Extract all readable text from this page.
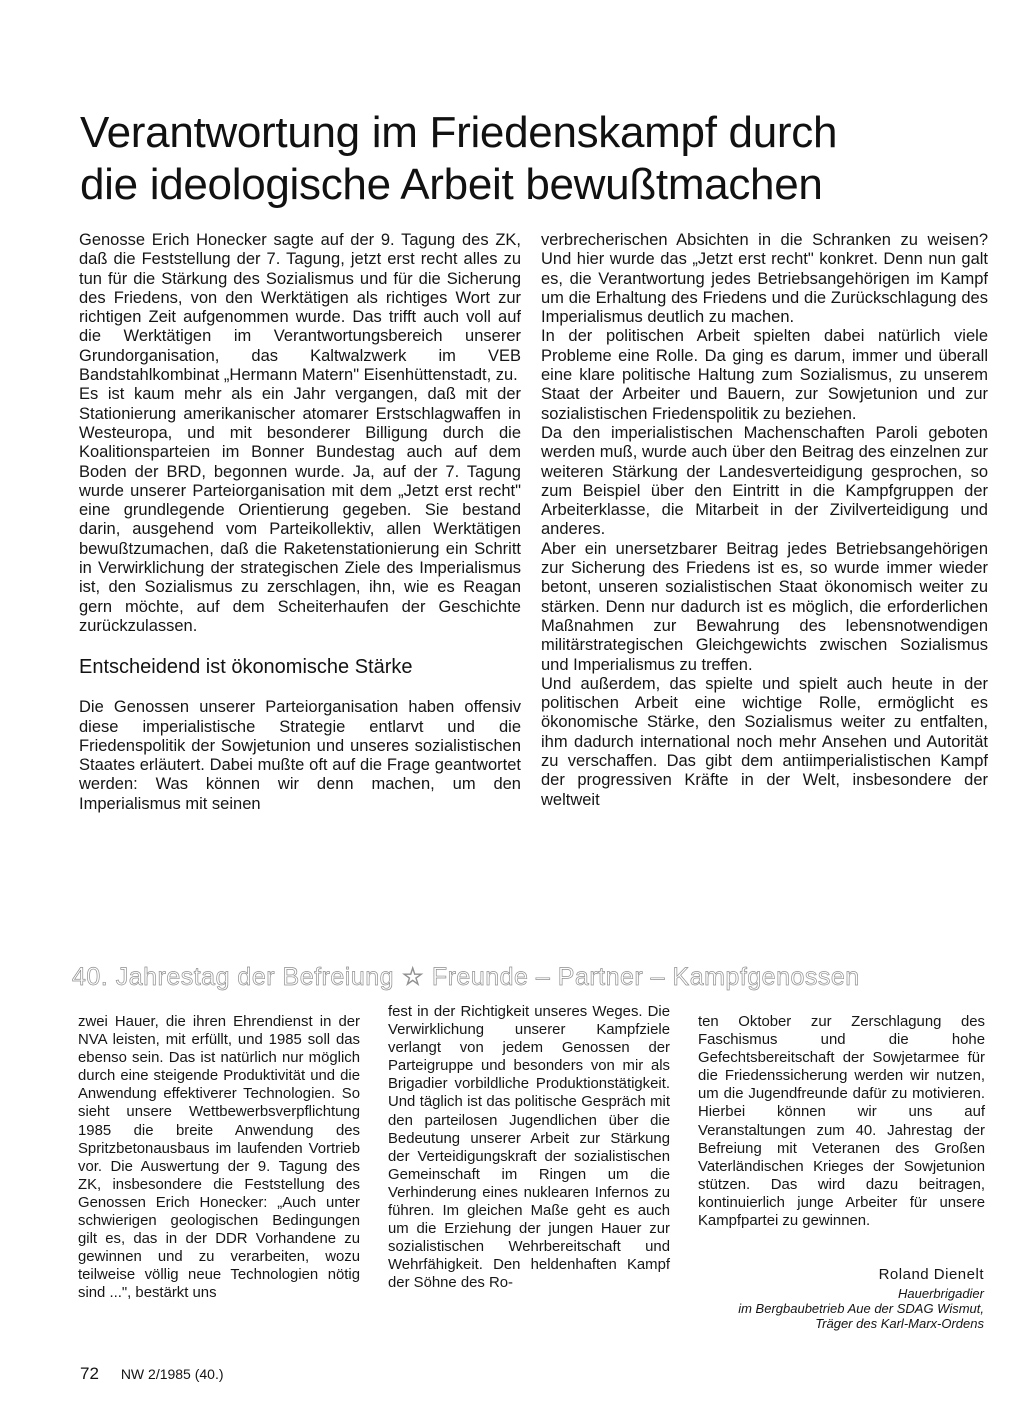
Verantwortung im Friedenskampf durch
die ideologische Arbeit bewußtmachen

Genosse Erich Honecker sagte auf der 9. Tagung des ZK, daß die Feststellung der 7. Tagung, jetzt erst recht alles zu tun für die Stärkung des Sozialismus und für die Sicherung des Friedens, von den Werktätigen als richtiges Wort zur richtigen Zeit aufgenommen wurde. Das trifft auch voll auf die Werktätigen im Verantwortungsbereich unserer Grundorganisation, das Kaltwalzwerk im VEB Bandstahlkombinat „Hermann Matern" Eisenhüttenstadt, zu.

Es ist kaum mehr als ein Jahr vergangen, daß mit der Stationierung amerikanischer atomarer Erstschlagwaffen in Westeuropa, und mit besonderer Billigung durch die Koalitionsparteien im Bonner Bundestag auch auf dem Boden der BRD, begonnen wurde. Ja, auf der 7. Tagung wurde unserer Parteiorganisation mit dem „Jetzt erst recht" eine grundlegende Orientierung gegeben. Sie bestand darin, ausgehend vom Parteikollektiv, allen Werktätigen bewußtzumachen, daß die Raketenstationierung ein Schritt in Verwirklichung der strategischen Ziele des Imperialismus ist, den Sozialismus zu zerschlagen, ihn, wie es Reagan gern möchte, auf dem Scheiterhaufen der Geschichte zurückzulassen.

Entscheidend ist ökonomische Stärke

Die Genossen unserer Parteiorganisation haben offensiv diese imperialistische Strategie entlarvt und die Friedenspolitik der Sowjetunion und unseres sozialistischen Staates erläutert. Dabei mußte oft auf die Frage geantwortet werden: Was können wir denn machen, um den Imperialismus mit seinen

verbrecherischen Absichten in die Schranken zu weisen? Und hier wurde das „Jetzt erst recht" konkret. Denn nun galt es, die Verantwortung jedes Betriebsangehörigen im Kampf um die Erhaltung des Friedens und die Zurückschlagung des Imperialismus deutlich zu machen.

In der politischen Arbeit spielten dabei natürlich viele Probleme eine Rolle. Da ging es darum, immer und überall eine klare politische Haltung zum Sozialismus, zu unserem Staat der Arbeiter und Bauern, zur Sowjetunion und zur sozialistischen Friedenspolitik zu beziehen.

Da den imperialistischen Machenschaften Paroli geboten werden muß, wurde auch über den Beitrag des einzelnen zur weiteren Stärkung der Landesverteidigung gesprochen, so zum Beispiel über den Eintritt in die Kampfgruppen der Arbeiterklasse, die Mitarbeit in der Zivilverteidigung und anderes.

Aber ein unersetzbarer Beitrag jedes Betriebsangehörigen zur Sicherung des Friedens ist es, so wurde immer wieder betont, unseren sozialistischen Staat ökonomisch weiter zu stärken. Denn nur dadurch ist es möglich, die erforderlichen Maßnahmen zur Bewahrung des lebensnotwendigen militärstrategischen Gleichgewichts zwischen Sozialismus und Imperialismus zu treffen.

Und außerdem, das spielte und spielt auch heute in der politischen Arbeit eine wichtige Rolle, ermöglicht es ökonomische Stärke, den Sozialismus weiter zu entfalten, ihm dadurch international noch mehr Ansehen und Autorität zu verschaffen. Das gibt dem antiimperialistischen Kampf der progressiven Kräfte in der Welt, insbesondere der weltweit

40. Jahrestag der Befreiung ☆ Freunde – Partner – Kampfgenossen

zwei Hauer, die ihren Ehrendienst in der NVA leisten, mit erfüllt, und 1985 soll das ebenso sein. Das ist natürlich nur möglich durch eine steigende Produktivität und die Anwendung effektiverer Technologien. So sieht unsere Wettbewerbsverpflichtung 1985 die breite Anwendung des Spritzbetonausbaus im laufenden Vortrieb vor. Die Auswertung der 9. Tagung des ZK, insbesondere die Feststellung des Genossen Erich Honecker: „Auch unter schwierigen geologischen Bedingungen gilt es, das in der DDR Vorhandene zu gewinnen und zu verarbeiten, wozu teilweise völlig neue Technologien nötig sind ...", bestärkt uns

fest in der Richtigkeit unseres Weges. Die Verwirklichung unserer Kampfziele verlangt von jedem Genossen der Parteigruppe und besonders von mir als Brigadier vorbildliche Produktionstätigkeit. Und täglich ist das politische Gespräch mit den parteilosen Jugendlichen über die Bedeutung unserer Arbeit zur Stärkung der Verteidigungskraft der sozialistischen Gemeinschaft im Ringen um die Verhinderung eines nuklearen Infernos zu führen. Im gleichen Maße geht es auch um die Erziehung der jungen Hauer zur sozialistischen Wehrbereitschaft und Wehrfähigkeit. Den heldenhaften Kampf der Söhne des Ro-

ten Oktober zur Zerschlagung des Faschismus und die hohe Gefechtsbereitschaft der Sowjetarmee für die Friedenssicherung werden wir nutzen, um die Jugendfreunde dafür zu motivieren. Hierbei können wir uns auf Veranstaltungen zum 40. Jahrestag der Befreiung mit Veteranen des Großen Vaterländischen Krieges der Sowjetunion stützen. Das wird dazu beitragen, kontinuierlich junge Arbeiter für unsere Kampfpartei zu gewinnen.

Roland Dienelt
Hauerbrigadier
im Bergbaubetrieb Aue der SDAG Wismut,
Träger des Karl-Marx-Ordens
72 NW 2/1985 (40.)
